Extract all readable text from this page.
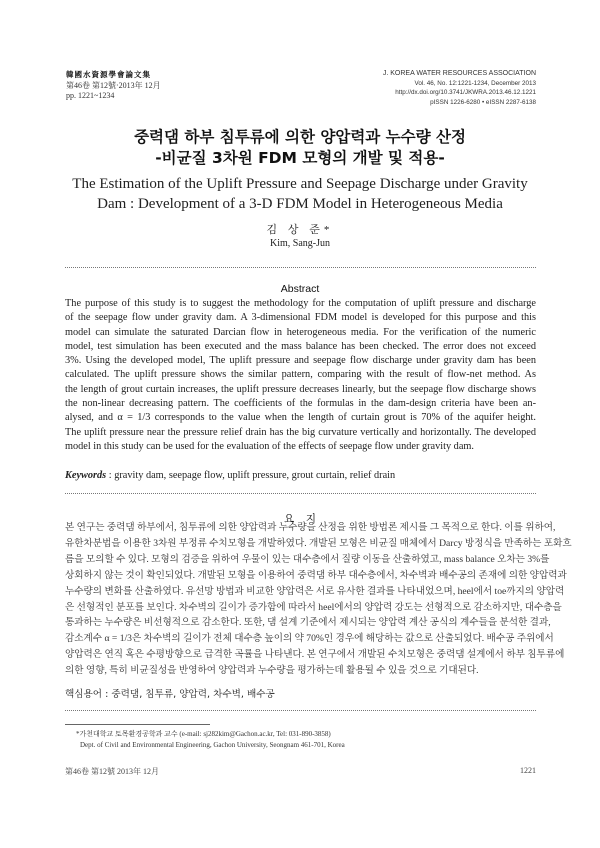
韓國水資源學會論文集
第46卷 第12號·2013年 12月
pp. 1221~1234
J. KOREA WATER RESOURCES ASSOCIATION
Vol. 46, No. 12:1221-1234, December 2013
http://dx.doi.org/10.3741/JKWRA.2013.46.12.1221
pISSN 1226-6280 • eISSN 2287-6138
중력댐 하부 침투류에 의한 양압력과 누수량 산정
-비균질 3차원 FDM 모형의 개발 및 적용-
The Estimation of the Uplift Pressure and Seepage Discharge under Gravity
Dam : Development of a 3-D FDM Model in Heterogeneous Media
김 상 준*
Kim, Sang-Jun
Abstract
The purpose of this study is to suggest the methodology for the computation of uplift pressure and discharge
of the seepage flow under gravity dam. A 3-dimensional FDM model is developed for this purpose and this
model can simulate the saturated Darcian flow in heterogeneous media. For the verification of the numeric
model, test simulation has been executed and the mass balance has been checked. The error does not exceed
3%. Using the developed model, The uplift pressure and seepage flow discharge under gravity dam has been
calculated. The uplift pressure shows the similar pattern, comparing with the result of flow-net method. As
the length of grout curtain increases, the uplift pressure decreases linearly, but the seepage flow discharge shows
the non-linear decreasing pattern. The coefficients of the formulas in the dam-design criteria have been an-
alysed, and α = 1/3 corresponds to the value when the length of curtain grout is 70% of the aquifer height.
The uplift pressure near the pressure relief drain has the big curvature vertically and horizontally. The developed
model in this study can be used for the evaluation of the effects of seepage flow under gravity dam.
Keywords : gravity dam, seepage flow, uplift pressure, grout curtain, relief drain
요    지
본 연구는 중력댐 하부에서, 침투류에 의한 양압력과 누수량을 산정을 위한 방법론 제시를 그 목적으로 한다. 이를 위하여,
유한차분법을 이용한 3차원 부정류 수치모형을 개발하였다. 개발된 모형은 비균질 매체에서 Darcy 방정식을 만족하는 포화흐
름을 모의할 수 있다. 모형의 검증을 위하여 우물이 있는 대수층에서 질량 이동을 산출하였고, mass balance 오차는 3%를
상회하지 않는 것이 확인되었다. 개발된 모형을 이용하여 중력댐 하부 대수층에서, 차수벽과 배수공의 존재에 의한 양압력과
누수량의 변화를 산출하였다. 유선망 방법과 비교한 양압력은 서로 유사한 결과를 나타내었으며, heel에서 toe까지의 양압력
은 선형적인 분포를 보인다. 차수벽의 길이가 증가함에 따라서 heel에서의 양압력 강도는 선형적으로 감소하지만, 대수층을
통과하는 누수량은 비선형적으로 감소한다. 또한, 댐 설계 기준에서 제시되는 양압력 계산 공식의 계수들을 분석한 결과,
감소계수 α = 1/3은 차수벽의 길이가 전체 대수층 높이의 약 70%인 경우에 해당하는 값으로 산출되었다. 배수공 주위에서
양압력은 연직 혹은 수평방향으로 급격한 곡률을 나타낸다. 본 연구에서 개발된 수치모형은 중력댐 설계에서 하부 침투류에
의한 영향, 특히 비균질성을 반영하여 양압력과 누수량을 평가하는데 활용될 수 있을 것으로 기대된다.
핵심용어 : 중력댐, 침투류, 양압력, 차수벽, 배수공
*가천대학교 토목환경공학과 교수 (e-mail: sj282kim@Gachon.ac.kr, Tel: 031-890-3858)
Dept. of Civil and Environmental Engineering, Gachon University, Seongnam 461-701, Korea
第46卷 第12號 2013年 12月	1221
